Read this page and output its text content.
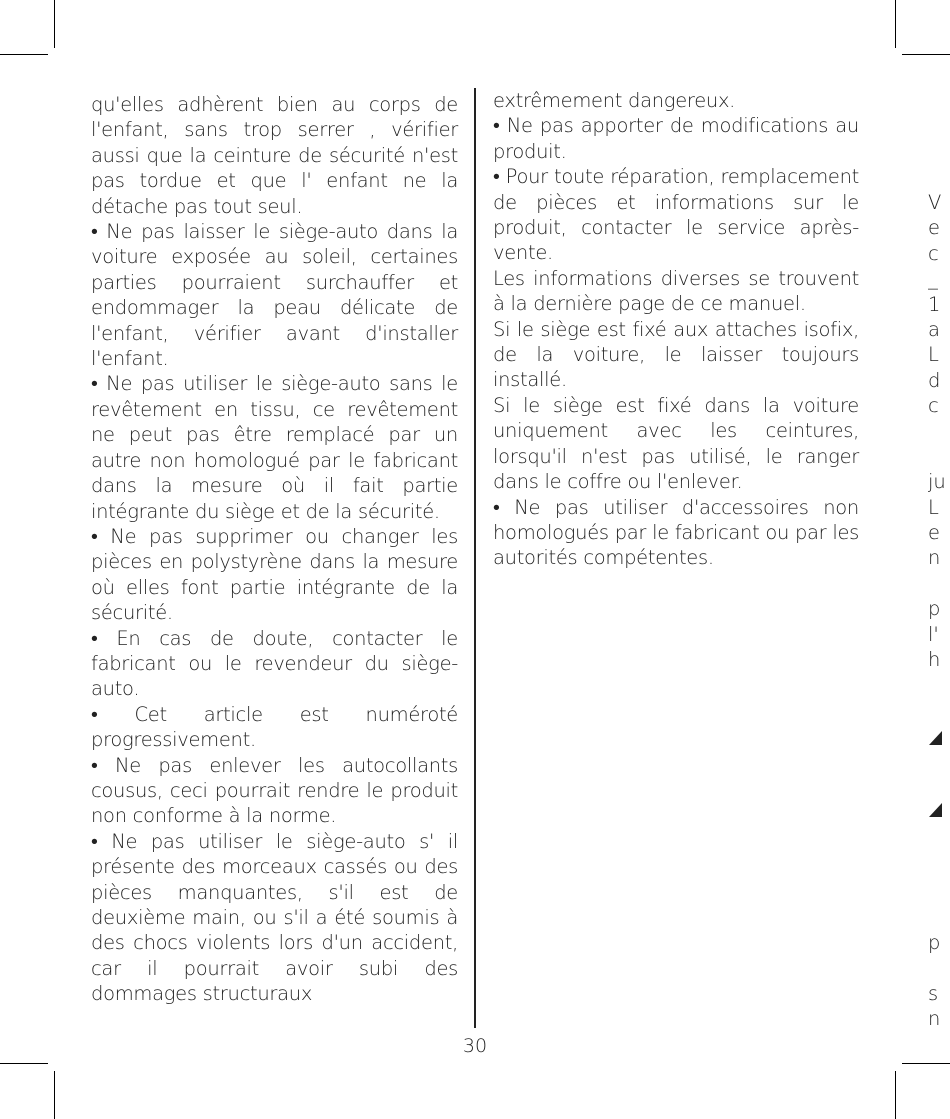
qu'elles adhèrent bien au corps de l'enfant, sans trop serrer , vérifier aussi que la ceinture de sécurité n'est pas tordue et que l' enfant ne la détache pas tout seul.

• Ne pas laisser le siège-auto dans la voiture exposée au soleil, certaines parties pourraient surchauffer et endommager la peau délicate de l'enfant, vérifier avant d'installer l'enfant.

• Ne pas utiliser le siège-auto sans le revêtement en tissu, ce revêtement ne peut pas être remplacé par un autre non homologué par le fabricant dans la mesure où il fait partie intégrante du siège et de la sécurité.

• Ne pas supprimer ou changer les pièces en polystyrène dans la mesure où elles font partie intégrante de la sécurité.

• En cas de doute, contacter le fabricant ou le revendeur du siège-auto.

• Cet article est numéroté progressivement.

• Ne pas enlever les autocollants cousus, ceci pourrait rendre le produit non conforme à la norme.

• Ne pas utiliser le siège-auto s' il présente des morceaux cassés ou des pièces manquantes, s'il est de deuxième main, ou s'il a été soumis à des chocs violents lors d'un accident, car il pourrait avoir subi des dommages structuraux

extrêmement dangereux.

• Ne pas apporter de modifications au produit.

• Pour toute réparation, remplacement de pièces et informations sur le produit, contacter le service après-vente.

Les informations diverses se trouvent à la dernière page de ce manuel.

Si le siège est fixé aux attaches isofix, de la voiture, le laisser toujours installé.

Si le siège est fixé dans la voiture uniquement avec les ceintures, lorsqu'il n'est pas utilisé, le ranger dans le coffre ou l'enlever.

• Ne pas utiliser d'accessoires non homologués par le fabricant ou par les autorités compétentes.

V
e
c
_
1
a
L
d
c
ju
L
e
n
p
l'
h
p
s
n
30
